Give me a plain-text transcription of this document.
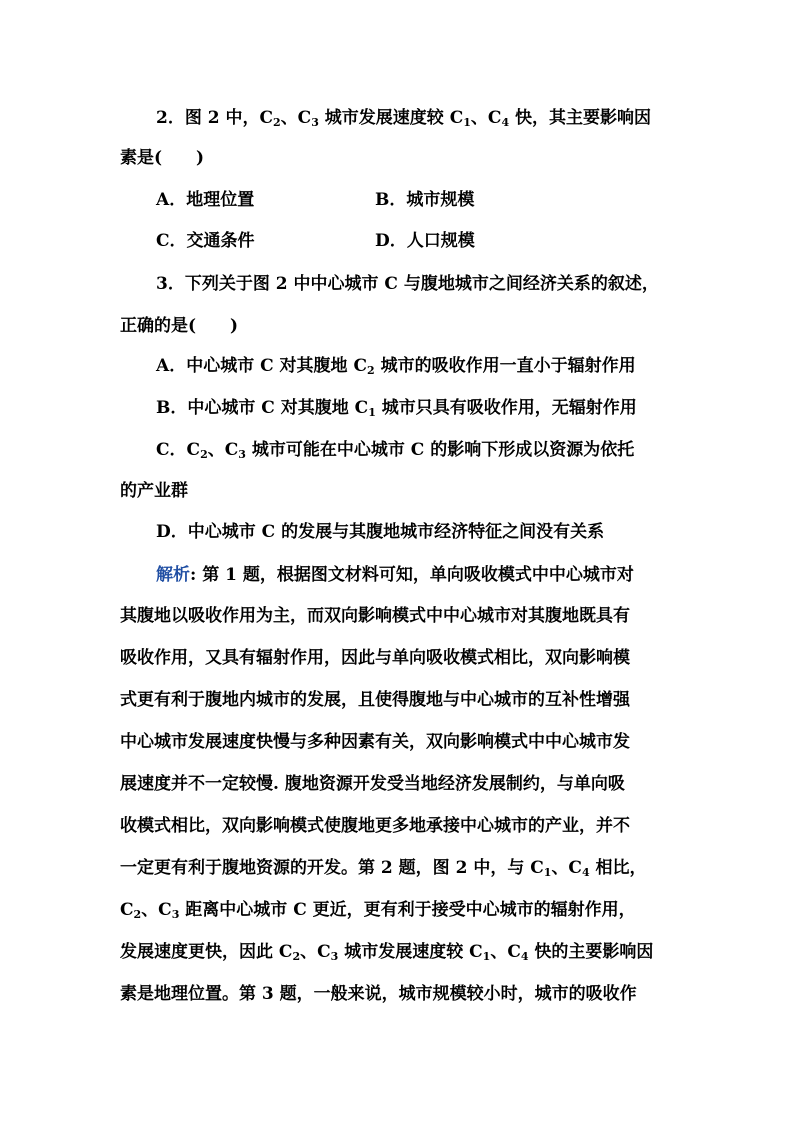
2．图 2 中，$C_2$、$C_3$ 城市发展速度较 $C_1$、$C_4$ 快，其主要影响因
素是(　　)
A．地理位置	B．城市规模
C．交通条件	D．人口规模
3．下列关于图 2 中中心城市 C 与腹地城市之间经济关系的叙述，
正确的是(　　)
A．中心城市 C 对其腹地 $C_2$ 城市的吸收作用一直小于辐射作用
B．中心城市 C 对其腹地 $C_1$ 城市只具有吸收作用，无辐射作用
C．$C_2$、$C_3$ 城市可能在中心城市 C 的影响下形成以资源为依托
的产业群
D．中心城市 C 的发展与其腹地城市经济特征之间没有关系
解析: 第 1 题，根据图文材料可知，单向吸收模式中中心城市对
其腹地以吸收作用为主，而双向影响模式中中心城市对其腹地既具有
吸收作用，又具有辐射作用，因此与单向吸收模式相比，双向影响模
式更有利于腹地内城市的发展，且使得腹地与中心城市的互补性增强
中心城市发展速度快慢与多种因素有关，双向影响模式中中心城市发
展速度并不一定较慢. 腹地资源开发受当地经济发展制约，与单向吸
收模式相比，双向影响模式使腹地更多地承接中心城市的产业，并不
一定更有利于腹地资源的开发。第 2 题，图 2 中，与 $C_1$、$C_4$ 相比，
$C_2$、$C_3$ 距离中心城市 C 更近，更有利于接受中心城市的辐射作用，
发展速度更快，因此 $C_2$、$C_3$ 城市发展速度较 $C_1$、$C_4$ 快的主要影响因
素是地理位置。第 3 题，一般来说，城市规模较小时，城市的吸收作
